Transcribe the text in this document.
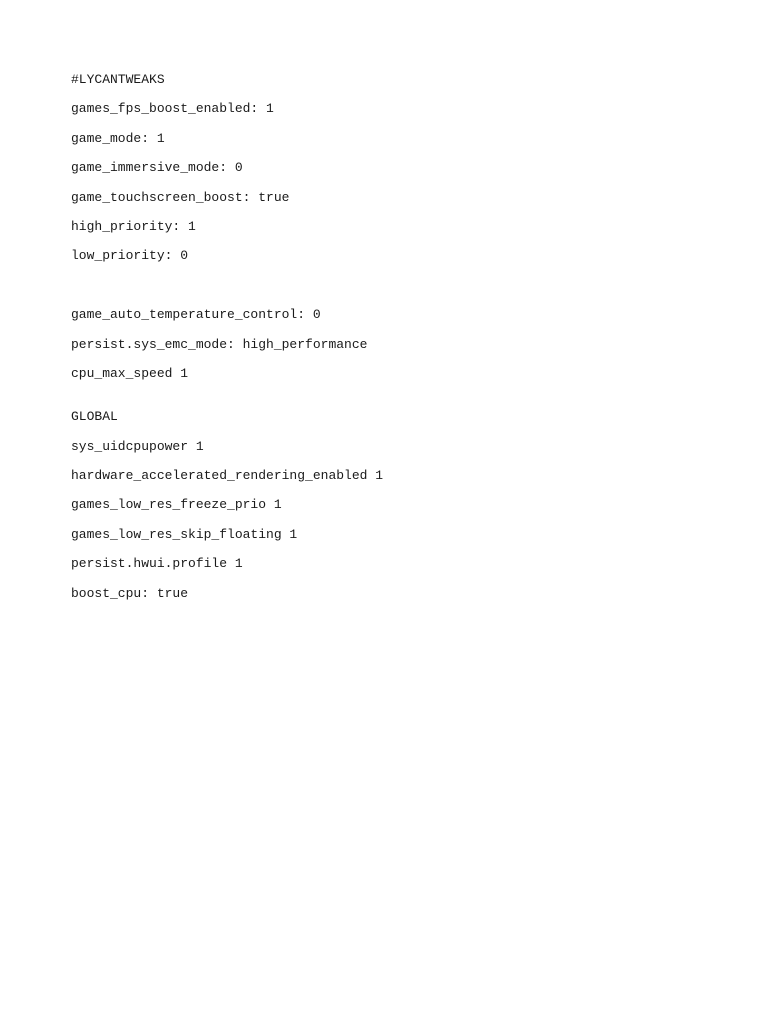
#LYCANTWEAKS
games_fps_boost_enabled: 1
game_mode: 1
game_immersive_mode: 0
game_touchscreen_boost: true
high_priority: 1
low_priority: 0
game_auto_temperature_control: 0
persist.sys_emc_mode: high_performance
cpu_max_speed 1
GLOBAL
sys_uidcpupower 1
hardware_accelerated_rendering_enabled 1
games_low_res_freeze_prio 1
games_low_res_skip_floating 1
persist.hwui.profile 1
boost_cpu: true
